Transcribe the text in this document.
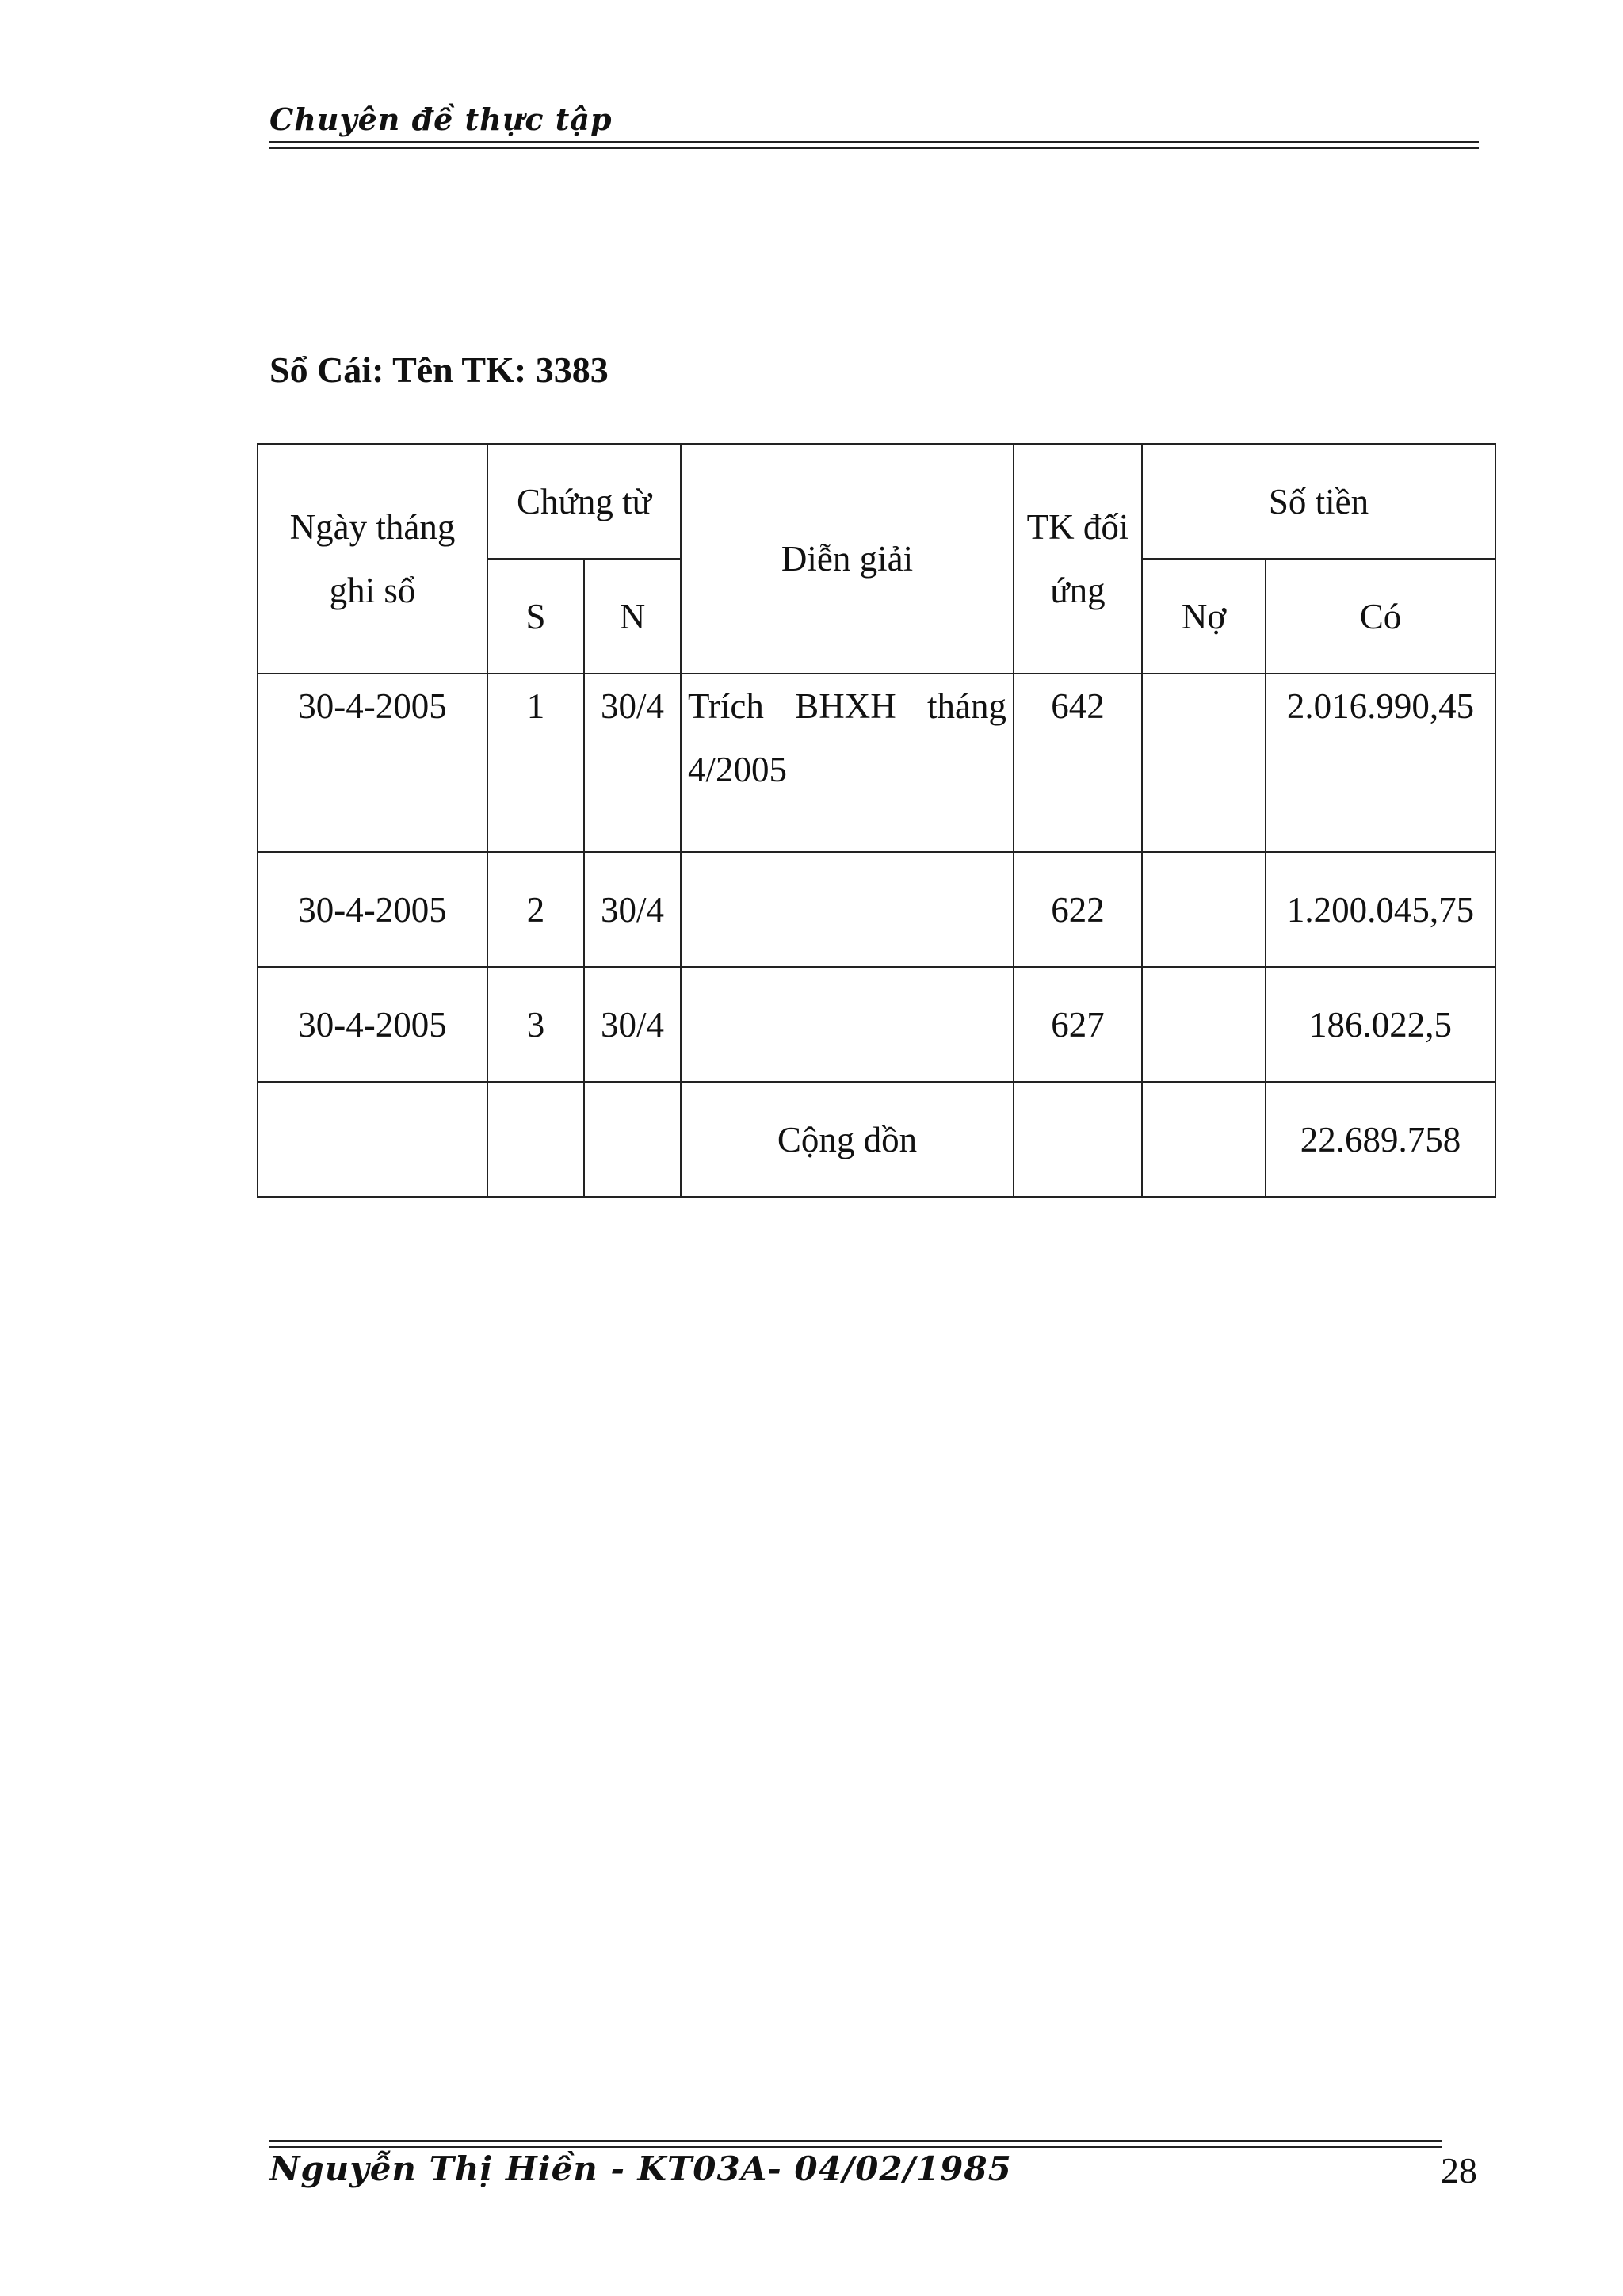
Chuyên đề thực tập
Sổ Cái: Tên TK: 3383
Ngày tháng ghi sổ	Chứng từ		Diễn giải	TK đối ứng	Số tiền	
	S	N			Nợ	Có
30-4-2005	1	30/4	Trích BHXH tháng 4/2005	642		2.016.990,45
30-4-2005	2	30/4		622		1.200.045,75
30-4-2005	3	30/4		627		186.022,5
			Cộng dồn			22.689.758
Nguyễn Thị Hiền - KT03A- 04/02/1985	28
